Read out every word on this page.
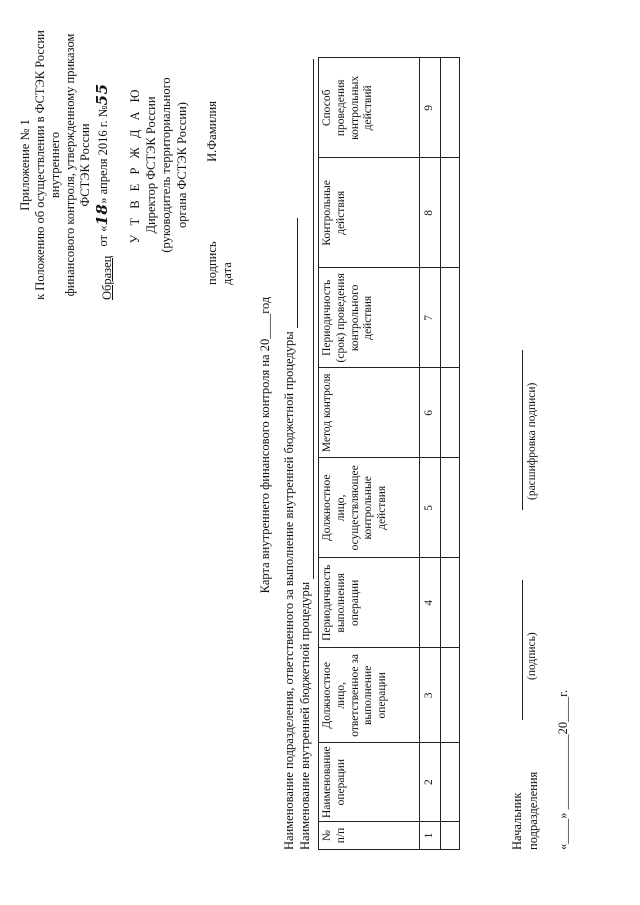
Приложение № 1 к Положению об осуществлении в ФСТЭК России внутреннего финансового контроля, утвержденному приказом ФСТЭК России
от «18» апреля 2016 г. №55
Образец
У Т В Е Р Ж Д А Ю Директор ФСТЭК России (руководитель территориального органа ФСТЭК России)
подпись И.Фамилия
дата
Карта внутреннего финансового контроля на 20____год Наименование подразделения, ответственного за выполнение внутренней бюджетной процедуры Наименование внутренней бюджетной процедуры № п/п	Наименование операции	Должностное лицо, ответственное за выполнение операции	Периодичность выполнения операции	Должностное лицо, осуществляющее контрольные действия	Метод контроля	Периодичность (срок) проведения контрольного действия	Контрольные действия	Способ проведения контрольных действий
1	2	3	4	5	6	7	8	9

Начальник подразделения
(подпись)
(расшифровка подписи)
«____» ____________20____г.
